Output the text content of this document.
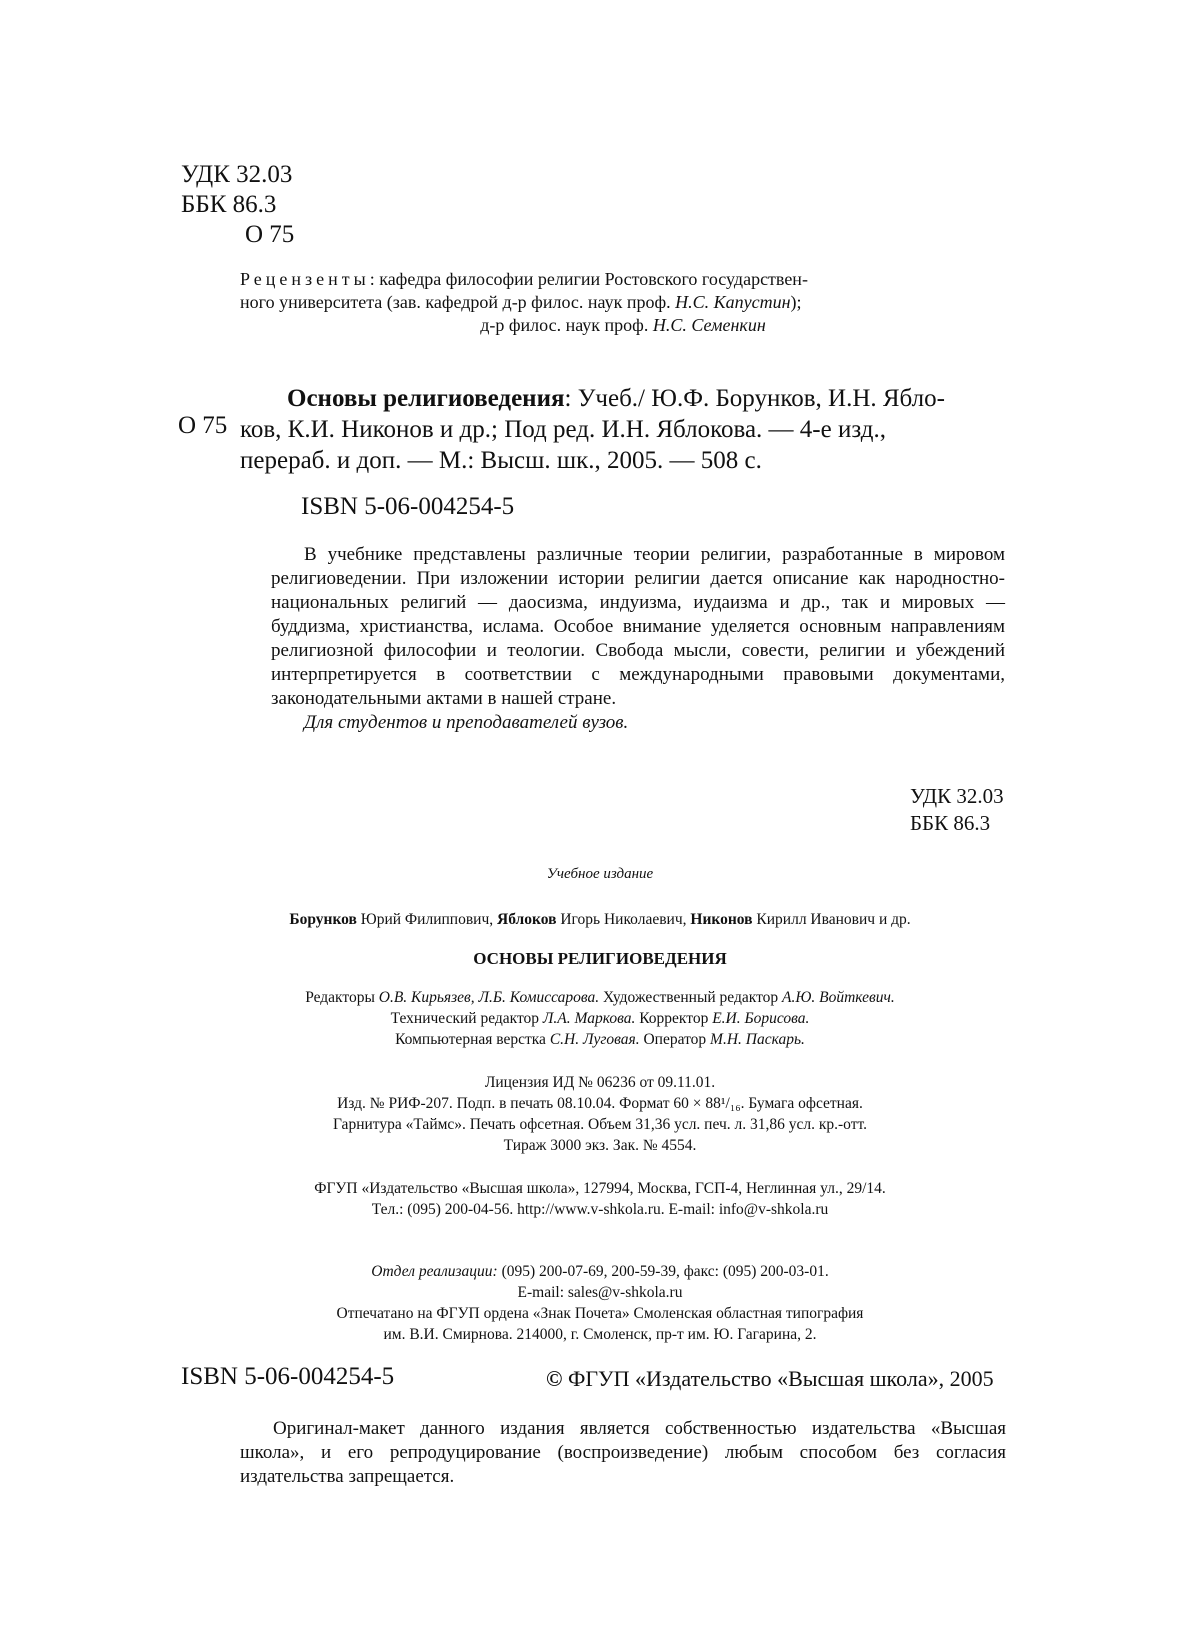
УДК 32.03
ББК 86.3
О 75
Рецензенты: кафедра философии религии Ростовского государствен-
ного университета (зав. кафедрой д-р филос. наук проф. Н.С. Капустин);
д-р филос. наук проф. Н.С. Семенкин
О 75
Основы религиоведения: Учеб./ Ю.Ф. Борунков, И.Н. Ябло-
ков, К.И. Никонов и др.; Под ред. И.Н. Яблокова. — 4-е изд.,
перераб. и доп. — М.: Высш. шк., 2005. — 508 с.
ISBN 5-06-004254-5

В учебнике представлены различные теории религии, разработанные в мировом религиоведении. При изложении истории религии дается описание как народностно-национальных религий — даосизма, индуизма, иудаизма и др., так и мировых — буддизма, христианства, ислама. Особое внимание уделяется основным направлениям религиозной философии и теологии. Свобода мысли, совести, религии и убеждений интерпретируется в соответствии с международными правовыми документами, законодательными актами в нашей стране.

Для студентов и преподавателей вузов.

УДК 32.03
ББК 86.3
Учебное издание
Борунков Юрий Филиппович, Яблоков Игорь Николаевич, Никонов Кирилл Иванович и др.
ОСНОВЫ РЕЛИГИОВЕДЕНИЯ
Редакторы О.В. Кирьязев, Л.Б. Комиссарова. Художественный редактор А.Ю. Войткевич.
Технический редактор Л.А. Маркова. Корректор Е.И. Борисова.
Компьютерная верстка С.Н. Луговая. Оператор М.Н. Паскарь.
Лицензия ИД № 06236 от 09.11.01.
Изд. № РИФ-207. Подп. в печать 08.10.04. Формат 60 × 88¹/₁₆. Бумага офсетная.
Гарнитура «Таймс». Печать офсетная. Объем 31,36 усл. печ. л. 31,86 усл. кр.-отт.
Тираж 3000 экз. Зак. № 4554.
ФГУП «Издательство «Высшая школа», 127994, Москва, ГСП-4, Неглинная ул., 29/14.
Тел.: (095) 200-04-56. http://www.v-shkola.ru. E-mail: info@v-shkola.ru
Отдел реализации: (095) 200-07-69, 200-59-39, факс: (095) 200-03-01.
E-mail: sales@v-shkola.ru
Отпечатано на ФГУП ордена «Знак Почета» Смоленская областная типография
им. В.И. Смирнова. 214000, г. Смоленск, пр-т им. Ю. Гагарина, 2.
ISBN 5-06-004254-5	© ФГУП «Издательство «Высшая школа», 2005

Оригинал-макет данного издания является собственностью издательства «Высшая школа», и его репродуцирование (воспроизведение) любым способом без согласия издательства запрещается.
